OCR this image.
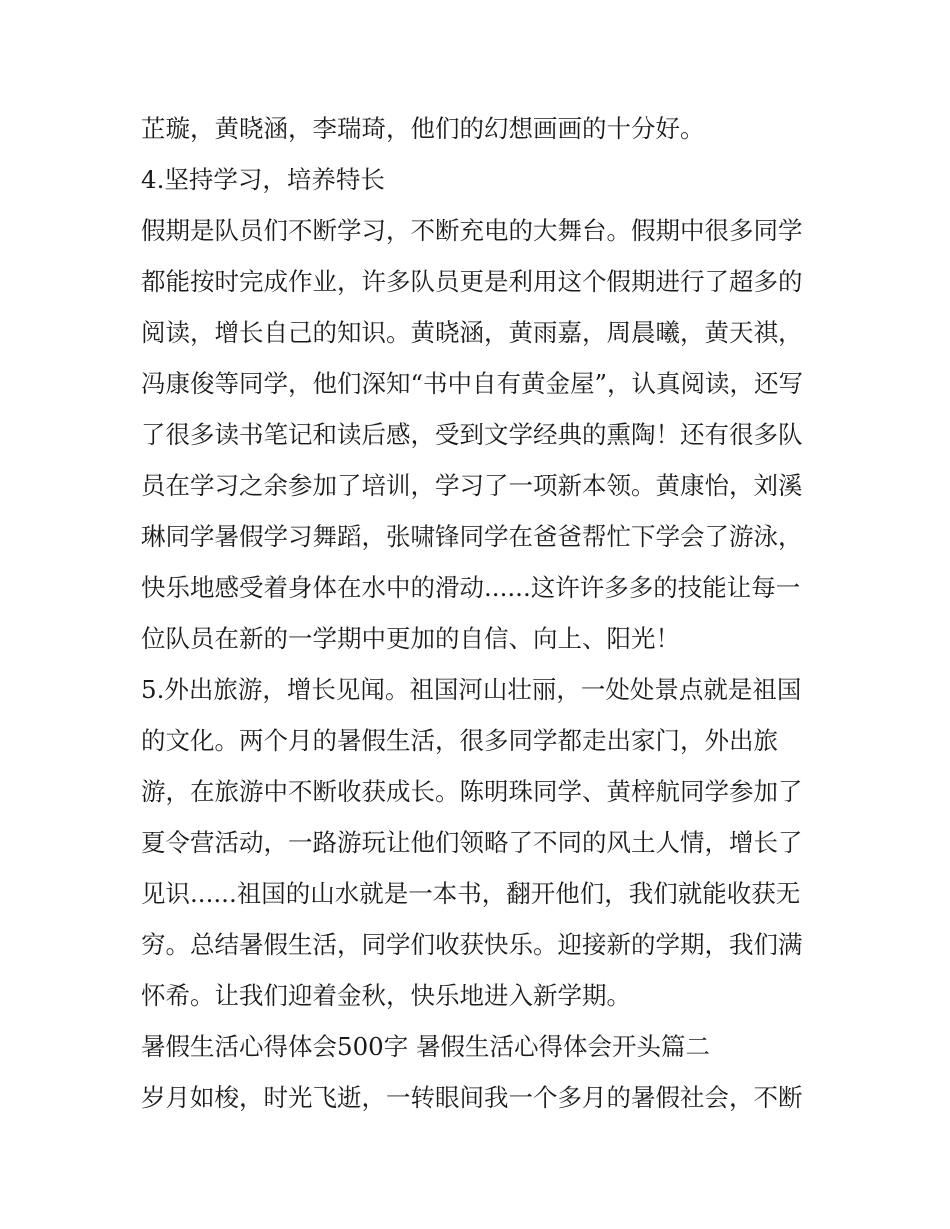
芷璇，黄晓涵，李瑞琦，他们的幻想画画的十分好。
4.坚持学习，培养特长
假期是队员们不断学习，不断充电的大舞台。假期中很多同学
都能按时完成作业，许多队员更是利用这个假期进行了超多的
阅读，增长自己的知识。黄晓涵，黄雨嘉，周晨曦，黄天祺，
冯康俊等同学，他们深知“书中自有黄金屋”，认真阅读，还写
了很多读书笔记和读后感，受到文学经典的熏陶！还有很多队
员在学习之余参加了培训，学习了一项新本领。黄康怡，刘溪
琳同学暑假学习舞蹈，张啸锋同学在爸爸帮忙下学会了游泳，
快乐地感受着身体在水中的滑动......这许许多多的技能让每一
位队员在新的一学期中更加的自信、向上、阳光！
5.外出旅游，增长见闻。祖国河山壮丽，一处处景点就是祖国
的文化。两个月的暑假生活，很多同学都走出家门，外出旅
游，在旅游中不断收获成长。陈明珠同学、黄梓航同学参加了
夏令营活动，一路游玩让他们领略了不同的风土人情，增长了
见识......祖国的山水就是一本书，翻开他们，我们就能收获无
穷。总结暑假生活，同学们收获快乐。迎接新的学期，我们满
怀希。让我们迎着金秋，快乐地进入新学期。
暑假生活心得体会500字 暑假生活心得体会开头篇二
岁月如梭，时光飞逝，一转眼间我一个多月的暑假社会，不断
